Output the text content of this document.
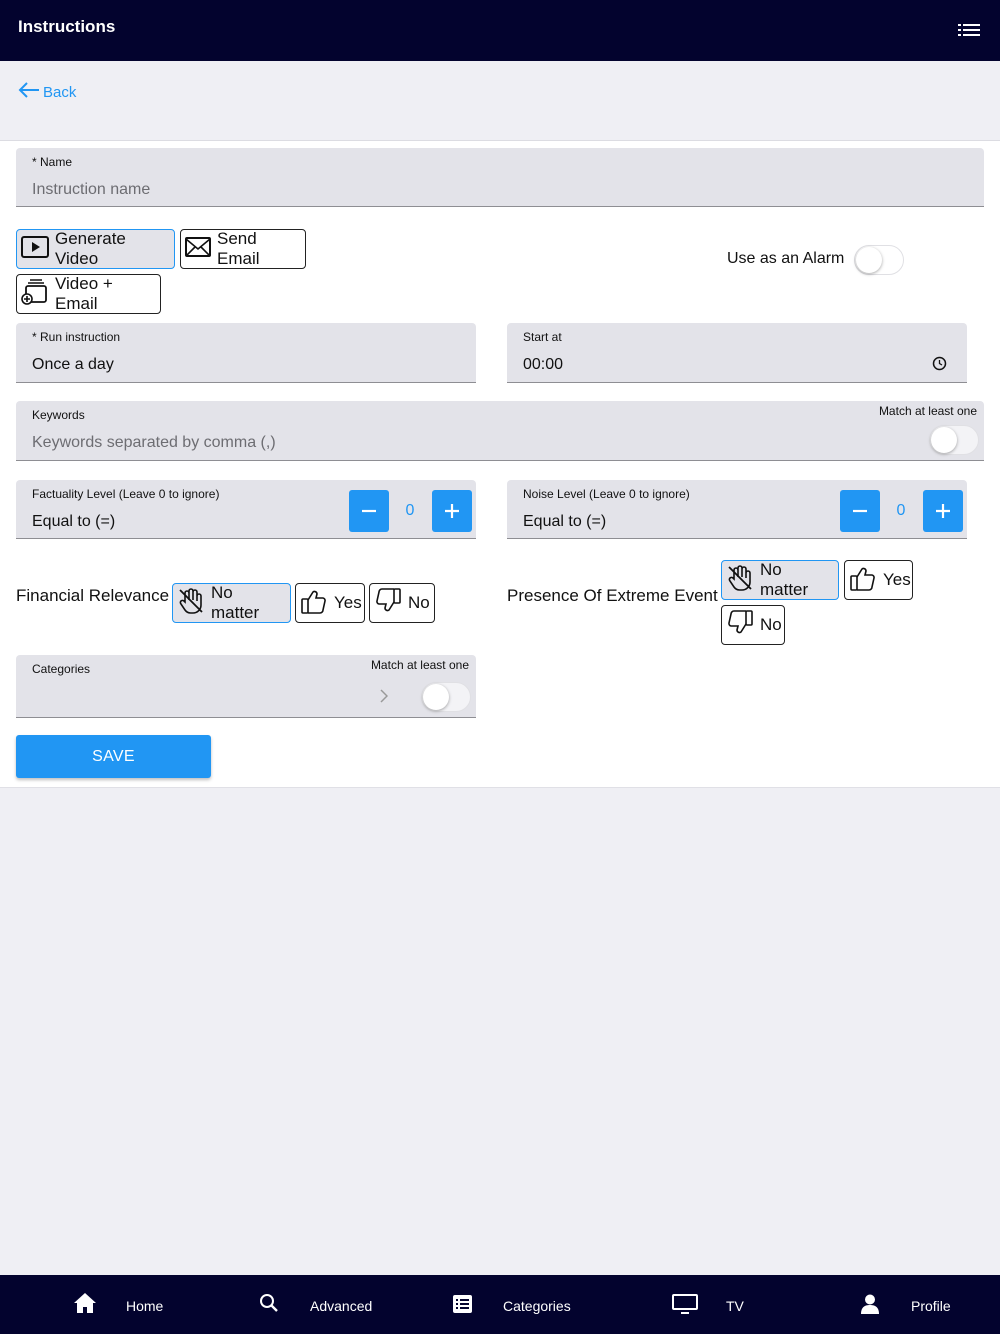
Instructions
Back
* Name
Instruction name
Generate Video
Send Email
Video + Email
Use as an Alarm
* Run instruction
Once a day
Start at
00:00
Keywords
Keywords separated by comma (,)
Match at least one
Factuality Level (Leave 0 to ignore)
Equal to (=)
0
Noise Level (Leave 0 to ignore)
Equal to (=)
0
Financial Relevance No matter
Yes	No	Presence Of Extreme Event
No matter
Yes
No
Categories	Match at least one
SAVE
Home	Advanced	Categories	TV	Profile
